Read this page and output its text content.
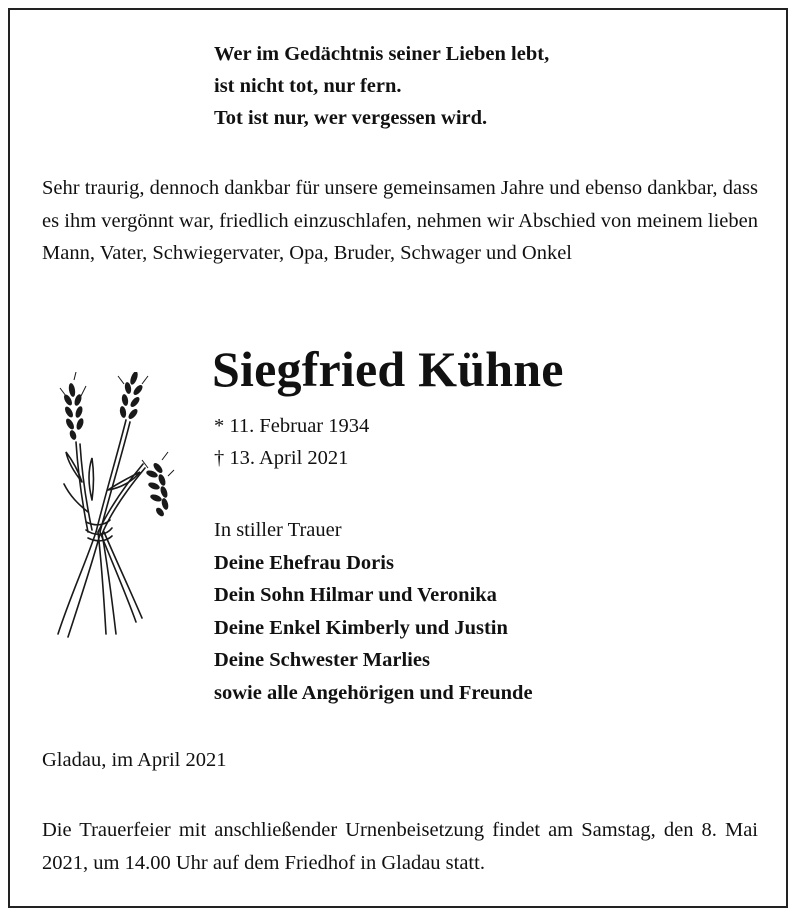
Wer im Gedächtnis seiner Lieben lebt,
ist nicht tot, nur fern.
Tot ist nur, wer vergessen wird.
Sehr traurig, dennoch dankbar für unsere gemeinsamen Jahre und ebenso dankbar, dass es ihm vergönnt war, friedlich einzuschlafen, nehmen wir Abschied von meinem lieben Mann, Vater, Schwiegervater, Opa, Bruder, Schwager und Onkel
Siegfried Kühne
* 11. Februar 1934
† 13. April 2021
In stiller Trauer
Deine Ehefrau Doris
Dein Sohn Hilmar und Veronika
Deine Enkel Kimberly und Justin
Deine Schwester Marlies
sowie alle Angehörigen und Freunde
Gladau, im April 2021
Die Trauerfeier mit anschließender Urnenbeisetzung findet am Samstag, den 8. Mai 2021, um 14.00 Uhr auf dem Friedhof in Gladau statt.
